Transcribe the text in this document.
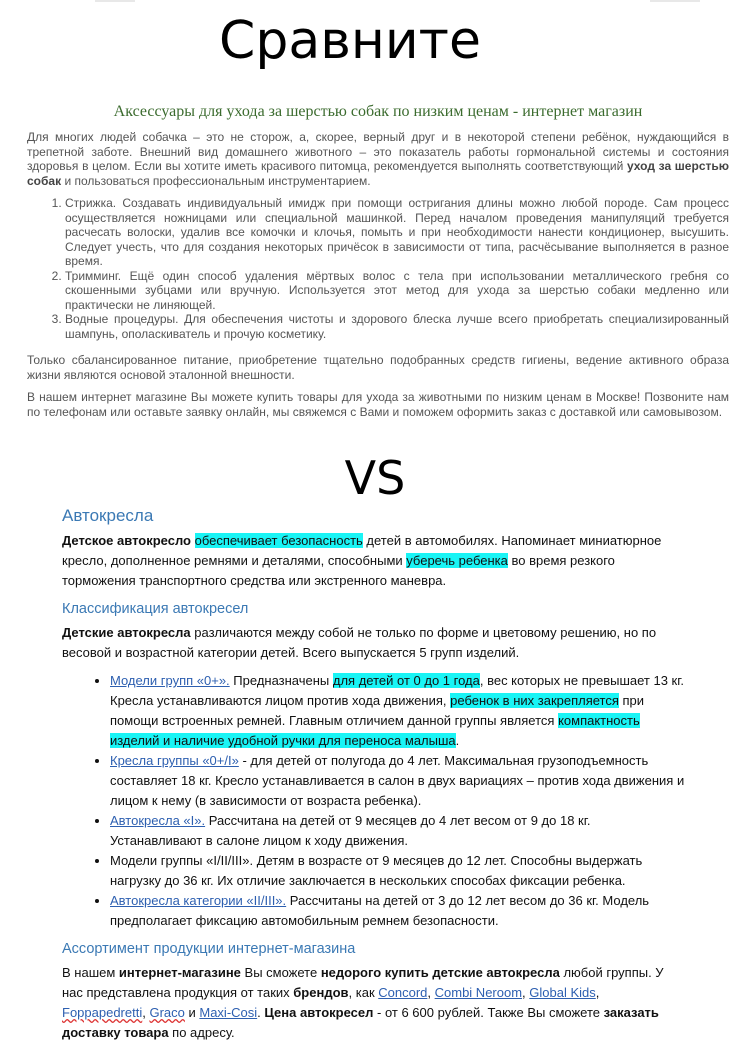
Сравните
Аксессуары для ухода за шерстью собак по низким ценам - интернет магазин

Для многих людей собачка – это не сторож, а, скорее, верный друг и в некоторой степени ребёнок, нуждающийся в трепетной заботе. Внешний вид домашнего животного – это показатель работы гормональной системы и состояния здоровья в целом. Если вы хотите иметь красивого питомца, рекомендуется выполнять соответствующий уход за шерстью собак и пользоваться профессиональным инструментарием.

1. Стрижка. Создавать индивидуальный имидж при помощи остригания длины можно любой породе. Сам процесс осуществляется ножницами или специальной машинкой. Перед началом проведения манипуляций требуется расчесать волоски, удалив все комочки и клочья, помыть и при необходимости нанести кондиционер, высушить. Следует учесть, что для создания некоторых причёсок в зависимости от типа, расчёсывание выполняется в разное время.
2. Тримминг. Ещё один способ удаления мёртвых волос с тела при использовании металлического гребня со скошенными зубцами или вручную. Используется этот метод для ухода за шерстью собаки медленно или практически не линяющей.
3. Водные процедуры. Для обеспечения чистоты и здорового блеска лучше всего приобретать специализированный шампунь, ополаскиватель и прочую косметику.

Только сбалансированное питание, приобретение тщательно подобранных средств гигиены, ведение активного образа жизни являются основой эталонной внешности.

В нашем интернет магазине Вы можете купить товары для ухода за животными по низким ценам в Москве! Позвоните нам по телефонам или оставьте заявку онлайн, мы свяжемся с Вами и поможем оформить заказ с доставкой или самовывозом.

VS
Автокресла

Детское автокресло обеспечивает безопасность детей в автомобилях. Напоминает миниатюрное кресло, дополненное ремнями и деталями, способными уберечь ребенка во время резкого торможения транспортного средства или экстренного маневра.

Классификация автокресел

Детские автокресла различаются между собой не только по форме и цветовому решению, но по весовой и возрастной категории детей. Всего выпускается 5 групп изделий.

• Модели групп «0+». Предназначены для детей от 0 до 1 года, вес которых не превышает 13 кг. Кресла устанавливаются лицом против хода движения, ребенок в них закрепляется при помощи встроенных ремней. Главным отличием данной группы является компактность изделий и наличие удобной ручки для переноса малыша.
• Кресла группы «0+/I» - для детей от полугода до 4 лет. Максимальная грузоподъемность составляет 18 кг. Кресло устанавливается в салон в двух вариациях – против хода движения и лицом к нему (в зависимости от возраста ребенка).
• Автокресла «I». Рассчитана на детей от 9 месяцев до 4 лет весом от 9 до 18 кг. Устанавливают в салоне лицом к ходу движения.
• Модели группы «I/II/III». Детям в возрасте от 9 месяцев до 12 лет. Способны выдержать нагрузку до 36 кг. Их отличие заключается в нескольких способах фиксации ребенка.
• Автокресла категории «II/III». Рассчитаны на детей от 3 до 12 лет весом до 36 кг. Модель предполагает фиксацию автомобильным ремнем безопасности.
Ассортимент продукции интернет-магазина

В нашем интернет-магазине Вы сможете недорого купить детские автокресла любой группы. У нас представлена продукция от таких брендов, как Concord, Combi Neroom, Global Kids, Foppapedretti, Graco и Maxi-Cosi. Цена автокресел - от 6 600 рублей. Также Вы сможете заказать доставку товара по адресу.
